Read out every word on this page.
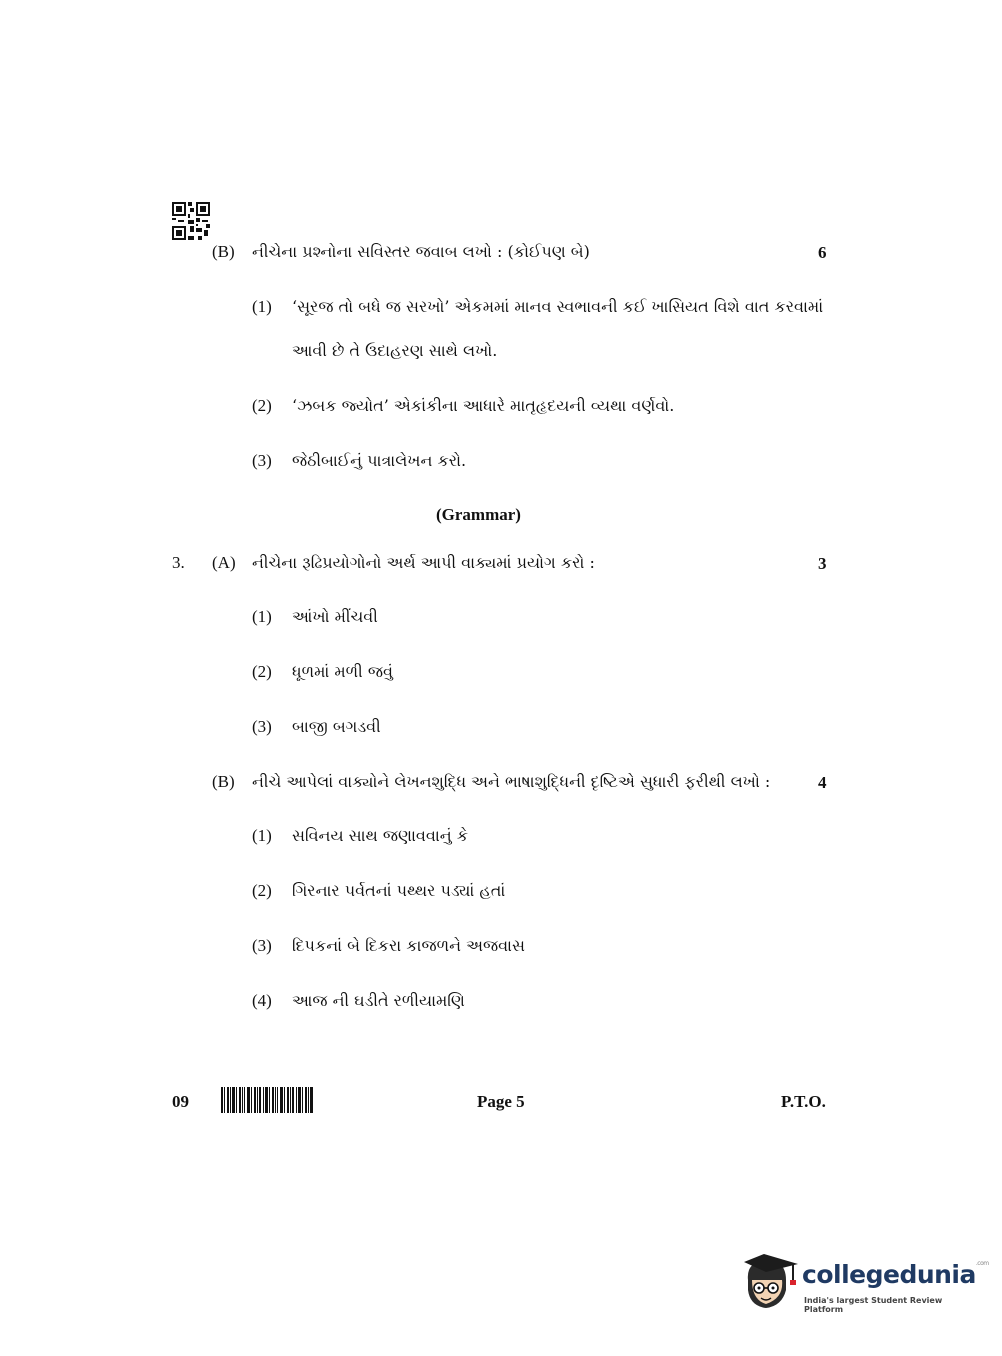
(B) નીચેના પ્રશ્નોના સવિસ્તર જવાબ લખો : (કોઈપણ બે)	6
(1) ‘સૂરજ તો બધે જ સરખો’ એકમમાં માનવ સ્વભાવની કઈ ખાસિયત વિશે વાત કરવામાં
આવી છે તે ઉદાહરણ સાથે લખો.
(2) ‘ઝબક જ્યોત’ એકાંકીના આધારે માતૃહૃદયની વ્યથા વર્ણવો.
(3) જેઠીબાઈનું પાત્રાલેખન કરો.
(Grammar)
3. (A) નીચેના રૂઢિપ્રયોગોનો અર્થ આપી વાક્યમાં પ્રયોગ કરો :	3
(1) આંખો મીંચવી
(2) ધૂળમાં મળી જવું
(3) બાજી બગડવી
(B) નીચે આપેલાં વાક્યોને લેખનશુદ્ધિ અને ભાષાશુદ્ધિની દૃષ્ટિએ સુધારી ફરીથી લખો :	4
(1) સવિનય સાથ જણાવવાનું કે
(2) ગિરનાર પર્વતનાં પથ્થર પડ્યાં હતાં
(3) દિપકનાં બે દિકરા કાજળને અજવાસ
(4) આજ ની ઘડીતે રળીયામણિ
09	Page 5	P.T.O.
collegedunia$^{.com}$
India's largest Student Review Platform
